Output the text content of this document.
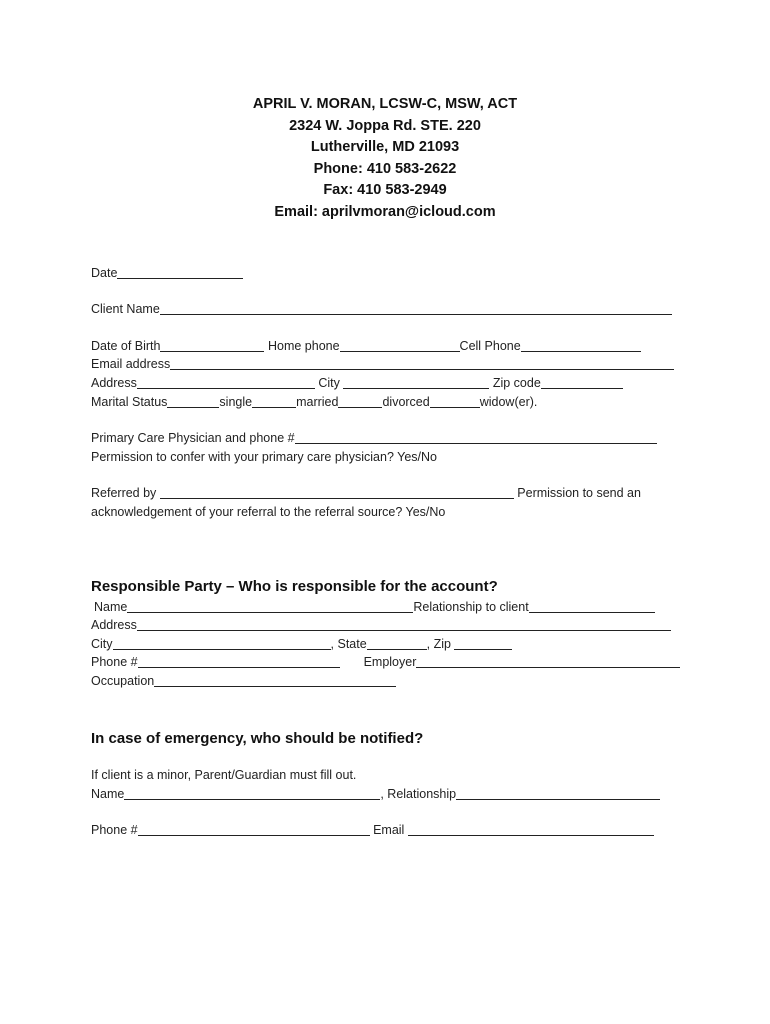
APRIL V. MORAN, LCSW-C, MSW, ACT
2324 W. Joppa Rd. STE. 220
Lutherville, MD 21093
Phone: 410 583-2622
Fax: 410 583-2949
Email: aprilvmoran@icloud.com
Date
Client Name
Date of Birth	Home phone	Cell Phone
Email address
Address	City	Zip code
Marital Status	single	married	divorced	widow(er).
Primary Care Physician and phone #
Permission to confer with your primary care physician? Yes/No
Referred by	Permission to send an
acknowledgement of your referral to the referral source? Yes/No
Responsible Party – Who is responsible for the account?
Name	Relationship to client
Address
City	, State	, Zip
Phone #	Employer
Occupation
In case of emergency, who should be notified?
If client is a minor, Parent/Guardian must fill out.
Name	, Relationship
Phone #	Email
